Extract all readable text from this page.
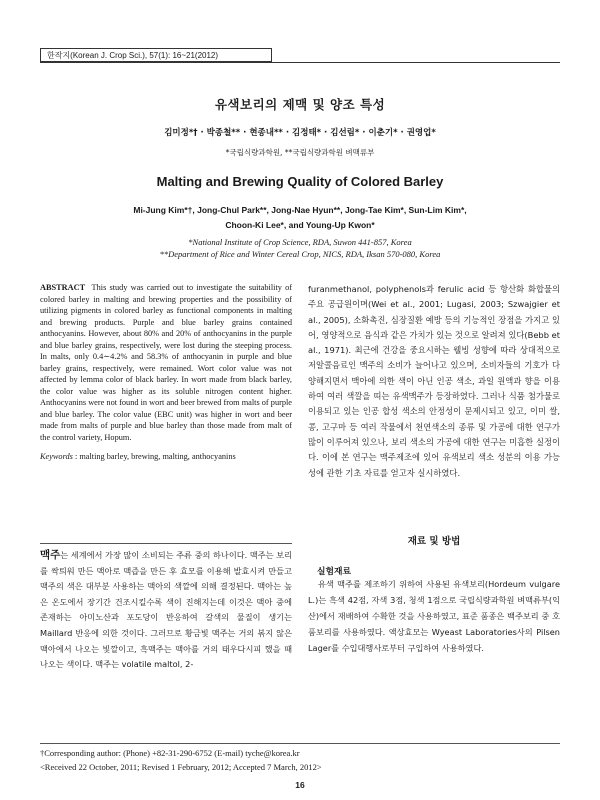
한작지(Korean J. Crop Sci.), 57(1): 16~21(2012)
유색보리의 제맥 및 양조 특성
김미정*† · 박종철** · 현종내** · 김정태* · 김선림* · 이춘기* · 권영업*
*국립식량과학원, **국립식량과학원 벼맥류부
Malting and Brewing Quality of Colored Barley
Mi-Jung Kim*†, Jong-Chul Park**, Jong-Nae Hyun**, Jong-Tae Kim*, Sun-Lim Kim*,
Choon-Ki Lee*, and Young-Up Kwon*
*National Institute of Crop Science, RDA, Suwon 441-857, Korea
**Department of Rice and Winter Cereal Crop, NICS, RDA, Iksan 570-080, Korea

ABSTRACT This study was carried out to investigate the suitability of colored barley in malting and brewing properties and the possibility of utilizing pigments in colored barley as functional components in malting and brewing products. Purple and blue barley grains contained anthocyanins. However, about 80% and 20% of anthocyanins in the purple and blue barley grains, respectively, were lost during the steeping process. In malts, only 0.4∼4.2% and 58.3% of anthocyanin in purple and blue barley grains, respectively, were remained. Wort color value was not affected by lemma color of black barley. In wort made from black barley, the color value was higher as its soluble nitrogen content higher. Anthocyanins were not found in wort and beer brewed from malts of purple and blue barley. The color value (EBC unit) was higher in wort and beer made from malts of purple and blue barley than those made from malt of the control variety, Hopum.

Keywords : malting barley, brewing, malting, anthocyanins

맥주는 세계에서 가장 많이 소비되는 주류 중의 하나이다. 맥주는 보리를 싹틔워 만든 맥아로 맥즙을 만든 후 효모를 이용해 발효시켜 만들고 맥주의 색은 대부분 사용하는 맥아의 색깔에 의해 결정된다. 맥아는 높은 온도에서 장기간 건조시킬수록 색이 진해지는데 이것은 맥아 중에 존재하는 아미노산과 포도당이 반응하여 갈색의 물질이 생기는 Maillard 반응에 의한 것이다. 그러므로 황금빛 맥주는 거의 볶지 않은 맥아에서 나오는 빛깔이고, 흑맥주는 맥아를 거의 태우다시피 했을 때 나오는 색이다. 맥주는 volatile maltol, 2-

furanmethanol, polyphenols과 ferulic acid 등 항산화 화합물의 주요 공급원이며(Wei et al., 2001; Lugasi, 2003; Szwajgier et al., 2005), 소화촉진, 심장질환 예방 등의 기능적인 장점을 가지고 있어, 영양적으로 음식과 같은 가치가 있는 것으로 알려져 있다(Bebb et al., 1971). 최근에 건강을 중요시하는 웰빙 성향에 따라 상대적으로 저알콜음료인 맥주의 소비가 늘어나고 있으며, 소비자들의 기호가 다양해지면서 맥아에 의한 색이 아닌 인공 색소, 과일 원액과 향을 이용하여 여러 색깔을 띠는 유색맥주가 등장하였다. 그러나 식품 첨가물로 이용되고 있는 인공 합성 색소의 안정성이 문제시되고 있고, 이미 쌀, 콩, 고구마 등 여러 작물에서 천연색소의 종류 및 가공에 대한 연구가 많이 이루어져 있으나, 보리 색소의 가공에 대한 연구는 미흡한 실정이다. 이에 본 연구는 맥주제조에 있어 유색보리 색소 성분의 이용 가능성에 관한 기초 자료를 얻고자 실시하였다.

재료 및 방법
실험재료
유색 맥주를 제조하기 위하여 사용된 유색보리(Hordeum vulgare L.)는 흑색 42점, 자색 3점, 청색 1점으로 국립식량과학원 벼맥류부(익산)에서 재배하여 수확한 것을 사용하였고, 표준 품종은 백주보리 중 호품보리를 사용하였다. 액상효모는 Wyeast Laboratories사의 Pilsen Lager를 수입대행사로부터 구입하여 사용하였다.
†Corresponding author: (Phone) +82-31-290-6752 (E-mail) tyche@korea.kr
<Received 22 October, 2011; Revised 1 February, 2012; Accepted 7 March, 2012>
16
